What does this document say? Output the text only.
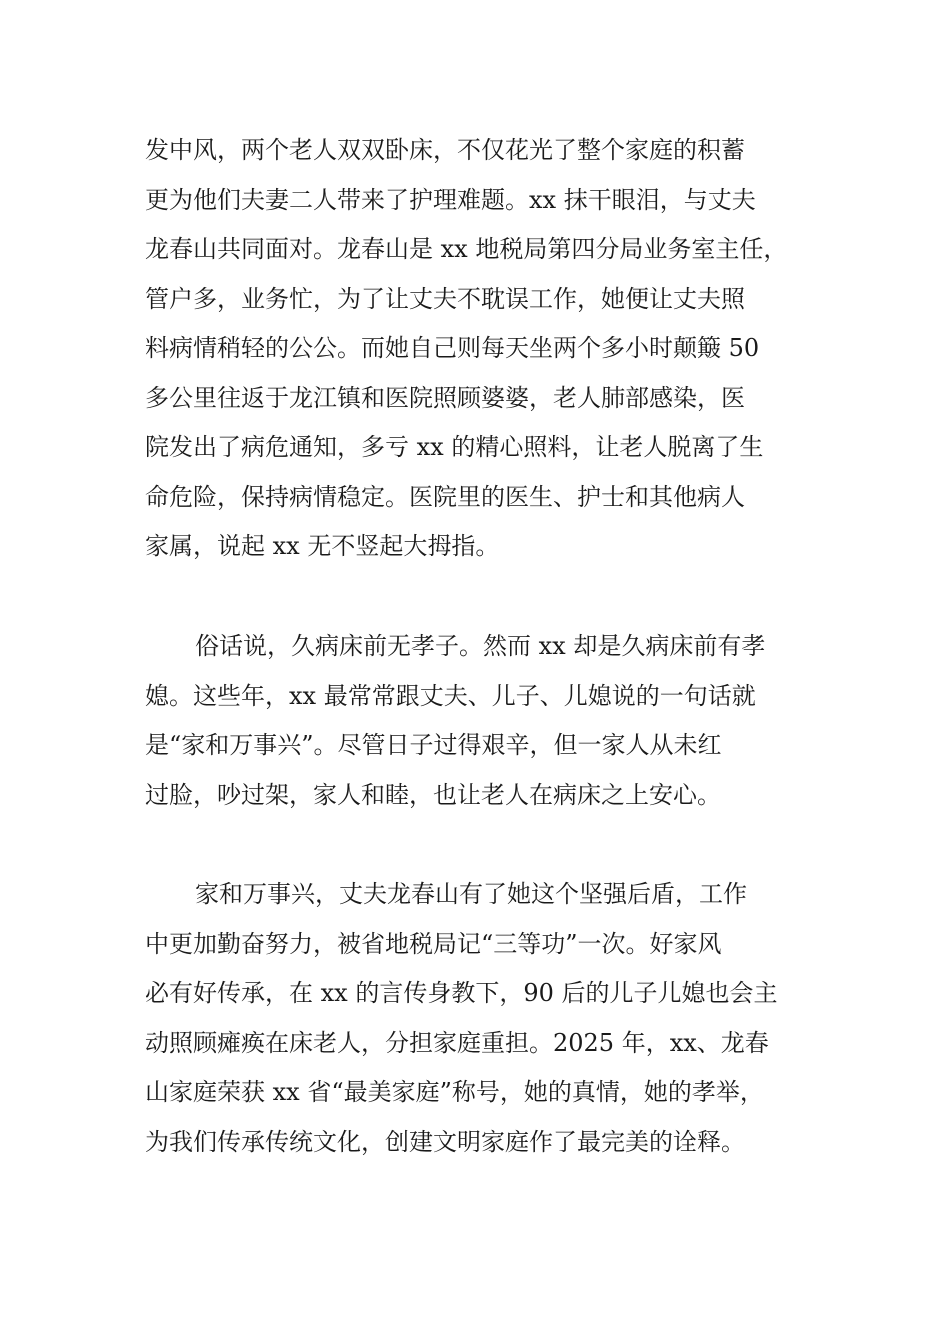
发中风，两个老人双双卧床，不仅花光了整个家庭的积蓄
更为他们夫妻二人带来了护理难题。xx 抹干眼泪，与丈夫
龙春山共同面对。龙春山是 xx 地税局第四分局业务室主任，
管户多，业务忙，为了让丈夫不耽误工作，她便让丈夫照
料病情稍轻的公公。而她自己则每天坐两个多小时颠簸 50
多公里往返于龙江镇和医院照顾婆婆，老人肺部感染，医
院发出了病危通知，多亏 xx 的精心照料，让老人脱离了生
命危险，保持病情稳定。医院里的医生、护士和其他病人
家属，说起 xx 无不竖起大拇指。
俗话说，久病床前无孝子。然而 xx 却是久病床前有孝
媳。这些年，xx 最常常跟丈夫、儿子、儿媳说的一句话就
是“家和万事兴”。尽管日子过得艰辛，但一家人从未红
过脸，吵过架，家人和睦，也让老人在病床之上安心。
家和万事兴，丈夫龙春山有了她这个坚强后盾，工作
中更加勤奋努力，被省地税局记“三等功”一次。好家风
必有好传承，在 xx 的言传身教下，90 后的儿子儿媳也会主
动照顾瘫痪在床老人，分担家庭重担。2025 年，xx、龙春
山家庭荣获 xx 省“最美家庭”称号，她的真情，她的孝举，
为我们传承传统文化，创建文明家庭作了最完美的诠释。
